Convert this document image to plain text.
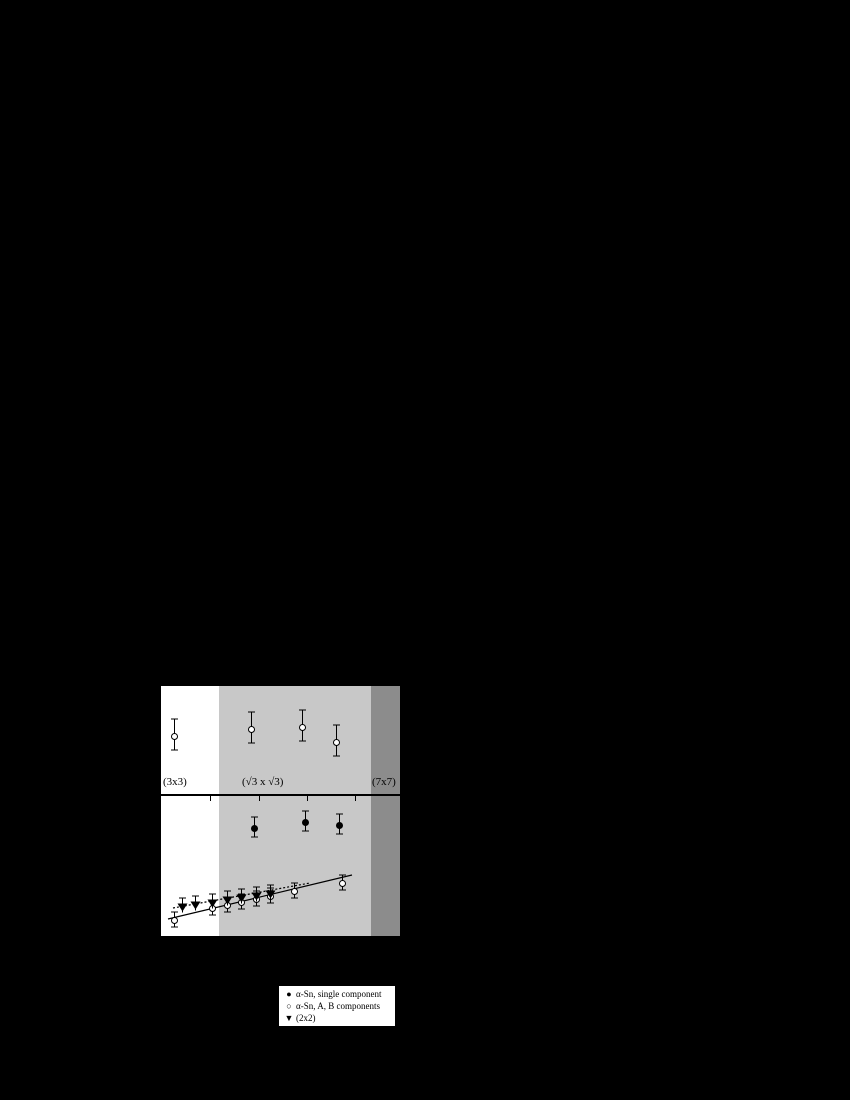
(3x3)	(√3 x √3)	(7x7)
● α-Sn, single component
○ α-Sn, A, B components
▼ (2x2)
